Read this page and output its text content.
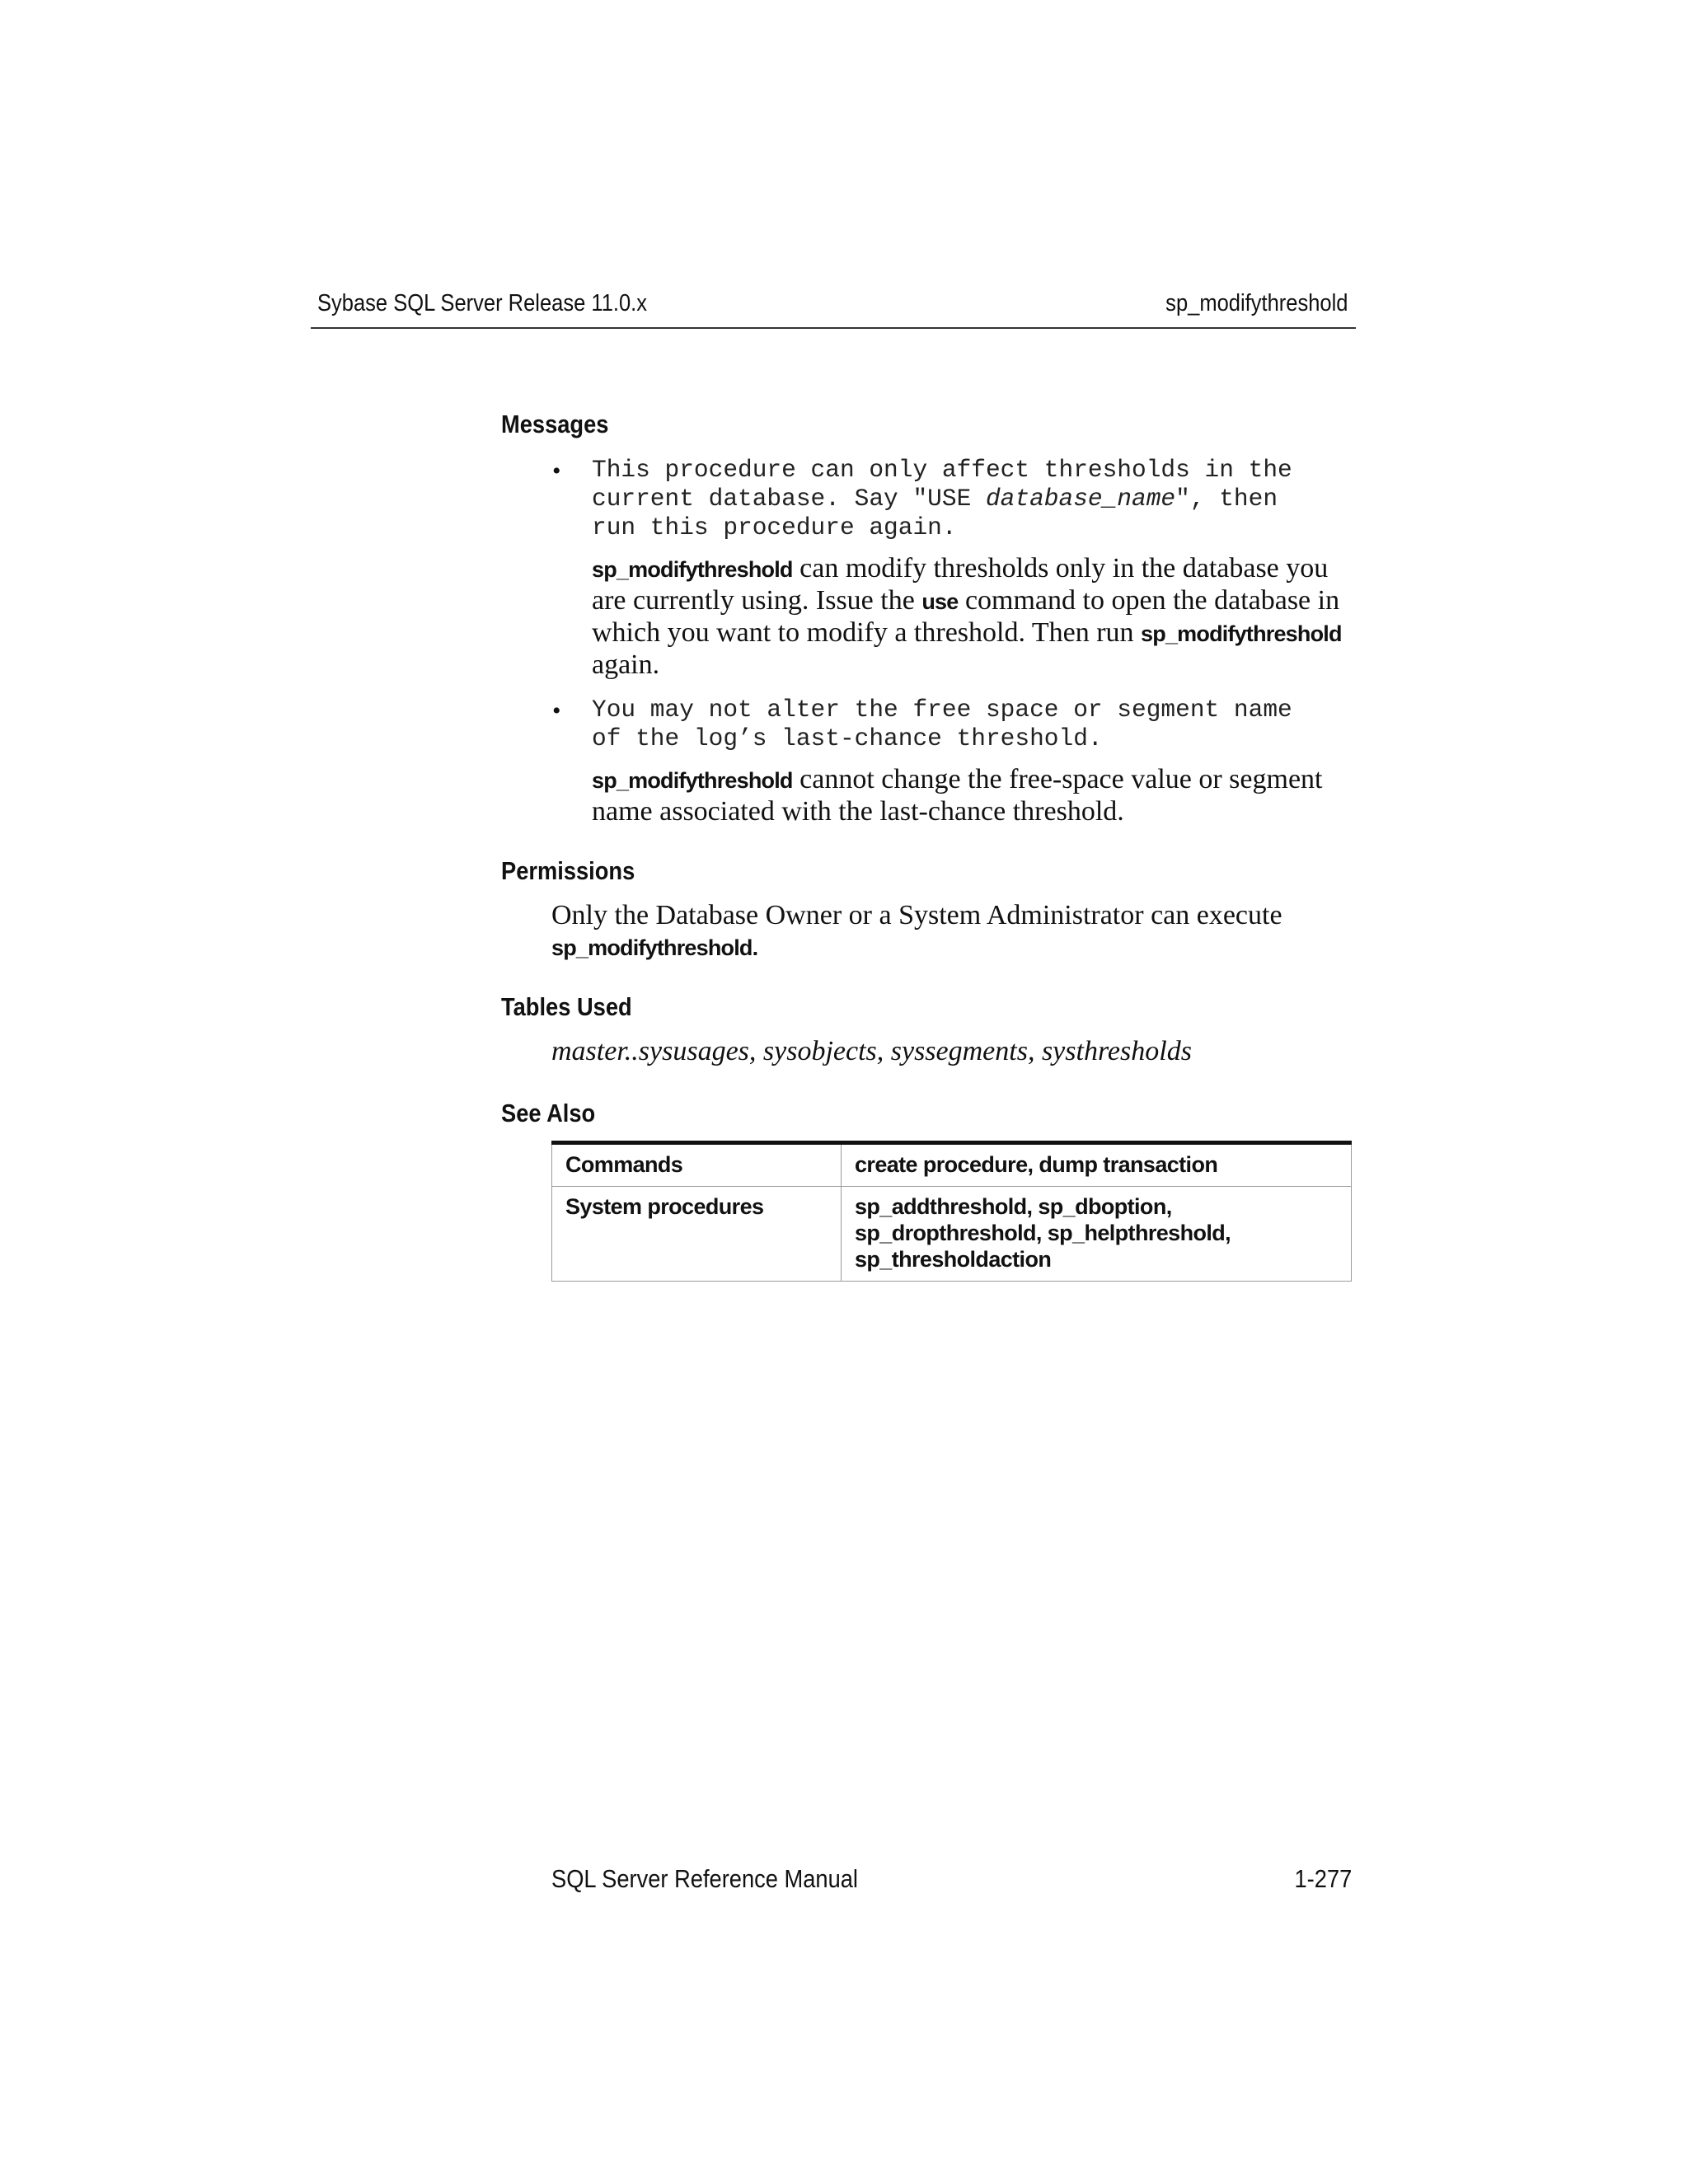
Sybase SQL Server Release 11.0.x	sp_modifythreshold
Messages
• This procedure can only affect thresholds in the
current database. Say "USE database_name", then
run this procedure again.
sp_modifythreshold can modify thresholds only in the database you are currently using. Issue the use command to open the database in which you want to modify a threshold. Then run sp_modifythreshold again.
• You may not alter the free space or segment name
of the log’s last-chance threshold.
sp_modifythreshold cannot change the free-space value or segment name associated with the last-chance threshold.
Permissions
Only the Database Owner or a System Administrator can execute sp_modifythreshold.
Tables Used
master..sysusages, sysobjects, syssegments, systhresholds
See Also
Commands	create procedure, dump transaction
System procedures	sp_addthreshold, sp_dboption,
sp_dropthreshold, sp_helpthreshold,
sp_thresholdaction
SQL Server Reference Manual	1-277
